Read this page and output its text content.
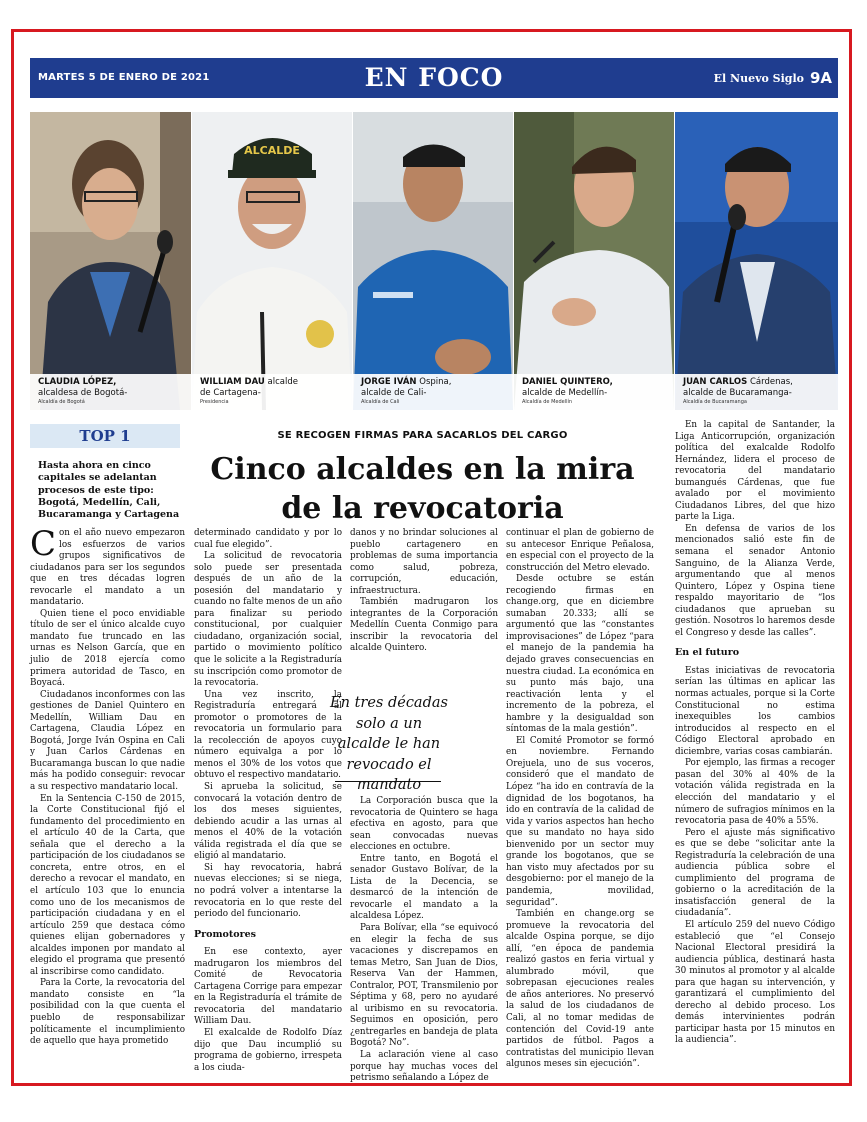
MARTES 5 DE ENERO DE 2021	EN FOCO	El Nuevo Siglo 9A
CLAUDIA LÓPEZ,
alcaldesa de Bogotá-
Alcaldía de Bogotá
ALCALDE
WILLIAM DAU alcalde
de Cartagena-
Presidencia
JORGE IVÁN Ospina,
alcalde de Cali-
Alcaldía de Cali
DANIEL QUINTERO,
alcalde de Medellín-
Alcaldía de Medellín
JUAN CARLOS Cárdenas,
alcalde de Bucaramanga-
Alcaldía de Bucaramanga
TOP 1
Hasta ahora en cinco capitales se adelantan procesos de este tipo: Bogotá, Medellín, Cali, Bucaramanga y Cartagena
SE RECOGEN FIRMAS PARA SACARLOS DEL CARGO
Cinco alcaldes en la mira de la revocatoria

Con el año nuevo empezaron los esfuerzos de varios grupos significativos de ciudadanos para ser los segundos que en tres décadas logren revocarle el mandato a un mandatario.

Quien tiene el poco envidiable título de ser el único alcalde cuyo mandato fue truncado en las urnas es Nelson García, que en julio de 2018 ejercía como primera autoridad de Tasco, en Boyacá.

Ciudadanos inconformes con las gestiones de Daniel Quintero en Medellín, William Dau en Cartagena, Claudia López en Bogotá, Jorge Iván Ospina en Cali y Juan Carlos Cárdenas en Bucaramanga buscan lo que nadie más ha podido conseguir: revocar a su respectivo mandatario local.

En la Sentencia C-150 de 2015, la Corte Constitucional fijó el fundamento del procedimiento en el artículo 40 de la Carta, que señala que el derecho a la participación de los ciudadanos se concreta, entre otros, en el derecho a revocar el mandato, en el artículo 103 que lo enuncia como uno de los mecanismos de participación ciudadana y en el artículo 259 que destaca cómo quienes elijan gobernadores y alcaldes imponen por mandato al elegido el programa que presentó al inscribirse como candidato.

Para la Corte, la revocatoria del mandato consiste en “la posibilidad con la que cuenta el pueblo de responsabilizar políticamente el incumplimiento de aquello que haya prometido

determinado candidato y por lo cual fue elegido”.

La solicitud de revocatoria solo puede ser presentada después de un año de la posesión del mandatario y cuando no falte menos de un año para finalizar su periodo constitucional, por cualquier ciudadano, organización social, partido o movimiento político que le solicite a la Registraduría su inscripción como promotor de la revocatoria.

Una vez inscrito, la Registraduría entregará al promotor o promotores de la revocatoria un formulario para la recolección de apoyos cuyo número equivalga a por lo menos el 30% de los votos que obtuvo el respectivo mandatario.

Si aprueba la solicitud, se convocará la votación dentro de los dos meses siguientes, debiendo acudir a las urnas al menos el 40% de la votación válida registrada el día que se eligió al mandatario.

Si hay revocatoria, habrá nuevas elecciones; si se niega, no podrá volver a intentarse la revocatoria en lo que reste del periodo del funcionario.

Promotores

En ese contexto, ayer madrugaron los miembros del Comité de Revocatoria Cartagena Corrige para empezar en la Registraduría el trámite de revocatoria del mandatario William Dau.

El exalcalde de Rodolfo Díaz dijo que Dau incumplió su programa de gobierno, irrespeta a los ciuda-

danos y no brindar soluciones al pueblo cartagenero en problemas de suma importancia como salud, pobreza, corrupción, educación, infraestructura.

También madrugaron los integrantes de la Corporación Medellín Cuenta Conmigo para inscribir la revocatoria del alcalde Quintero.

En tres décadas solo a un alcalde le han revocado el mandato

La Corporación busca que la revocatoria de Quintero se haga efectiva en agosto, para que sean convocadas nuevas elecciones en octubre.

Entre tanto, en Bogotá el senador Gustavo Bolívar, de la Lista de la Decencia, se desmarcó de la intención de revocarle el mandato a la alcaldesa López.

Para Bolívar, ella “se equivocó en elegir la fecha de sus vacaciones y discrepamos en temas Metro, San Juan de Dios, Reserva Van der Hammen, Contralor, POT, Transmilenio por Séptima y 68, pero no ayudaré al uribismo en su revocatoria. Seguimos en oposición, pero ¿entregarles en bandeja de plata Bogotá? No”.

La aclaración viene al caso porque hay muchas voces del petrismo señalando a López de

continuar el plan de gobierno de su antecesor Enrique Peñalosa, en especial con el proyecto de la construcción del Metro elevado.

Desde octubre se están recogiendo firmas en change.org, que en diciembre sumaban 20.333; allí se argumentó que las “constantes improvisaciones” de López “para el manejo de la pandemia ha dejado graves consecuencias en nuestra ciudad. La económica en su punto más bajo, una reactivación lenta y el incremento de la pobreza, el hambre y la desigualdad son síntomas de la mala gestión”.

El Comité Promotor se formó en noviembre. Fernando Orejuela, uno de sus voceros, consideró que el mandato de López “ha ido en contravía de la dignidad de los bogotanos, ha ido en contravía de la calidad de vida y varios aspectos han hecho que su mandato no haya sido bienvenido por un sector muy grande los bogotanos, que se han visto muy afectados por su desgobierno: por el manejo de la pandemia, movilidad, seguridad”.

También en change.org se promueve la revocatoria del alcalde Ospina porque, se dijo allí, “en época de pandemia realizó gastos en feria virtual y alumbrado móvil, que sobrepasan ejecuciones reales de años anteriores. No preservó la salud de los ciudadanos de Cali, al no tomar medidas de contención del Covid-19 ante partidos de fútbol. Pagos a contratistas del municipio llevan algunos meses sin ejecución”.

En la capital de Santander, la Liga Anticorrupción, organización política del exalcalde Rodolfo Hernández, lidera el proceso de revocatoria del mandatario bumangués Cárdenas, que fue avalado por el movimiento Ciudadanos Libres, del que hizo parte la Liga.

En defensa de varios de los mencionados salió este fin de semana el senador Antonio Sanguino, de la Alianza Verde, argumentando que al menos Quintero, López y Ospina tiene respaldo mayoritario de “los ciudadanos que aprueban su gestión. Nosotros lo haremos desde el Congreso y desde las calles”.

En el futuro

Estas iniciativas de revocatoria serían las últimas en aplicar las normas actuales, porque si la Corte Constitucional no estima inexequibles los cambios introducidos al respecto en el Código Electoral aprobado en diciembre, varias cosas cambiarán.

Por ejemplo, las firmas a recoger pasan del 30% al 40% de la votación válida registrada en la elección del mandatario y el número de sufragios mínimos en la revocatoria pasa de 40% a 55%.

Pero el ajuste más significativo es que se debe “solicitar ante la Registraduría la celebración de una audiencia pública sobre el cumplimiento del programa de gobierno o la acreditación de la insatisfacción general de la ciudadanía”.

El artículo 259 del nuevo Código estableció que “el Consejo Nacional Electoral presidirá la audiencia pública, destinará hasta 30 minutos al promotor y al alcalde para que hagan su intervención, y garantizará el cumplimiento del derecho al debido proceso. Los demás intervinientes podrán participar hasta por 15 minutos en la audiencia”.
